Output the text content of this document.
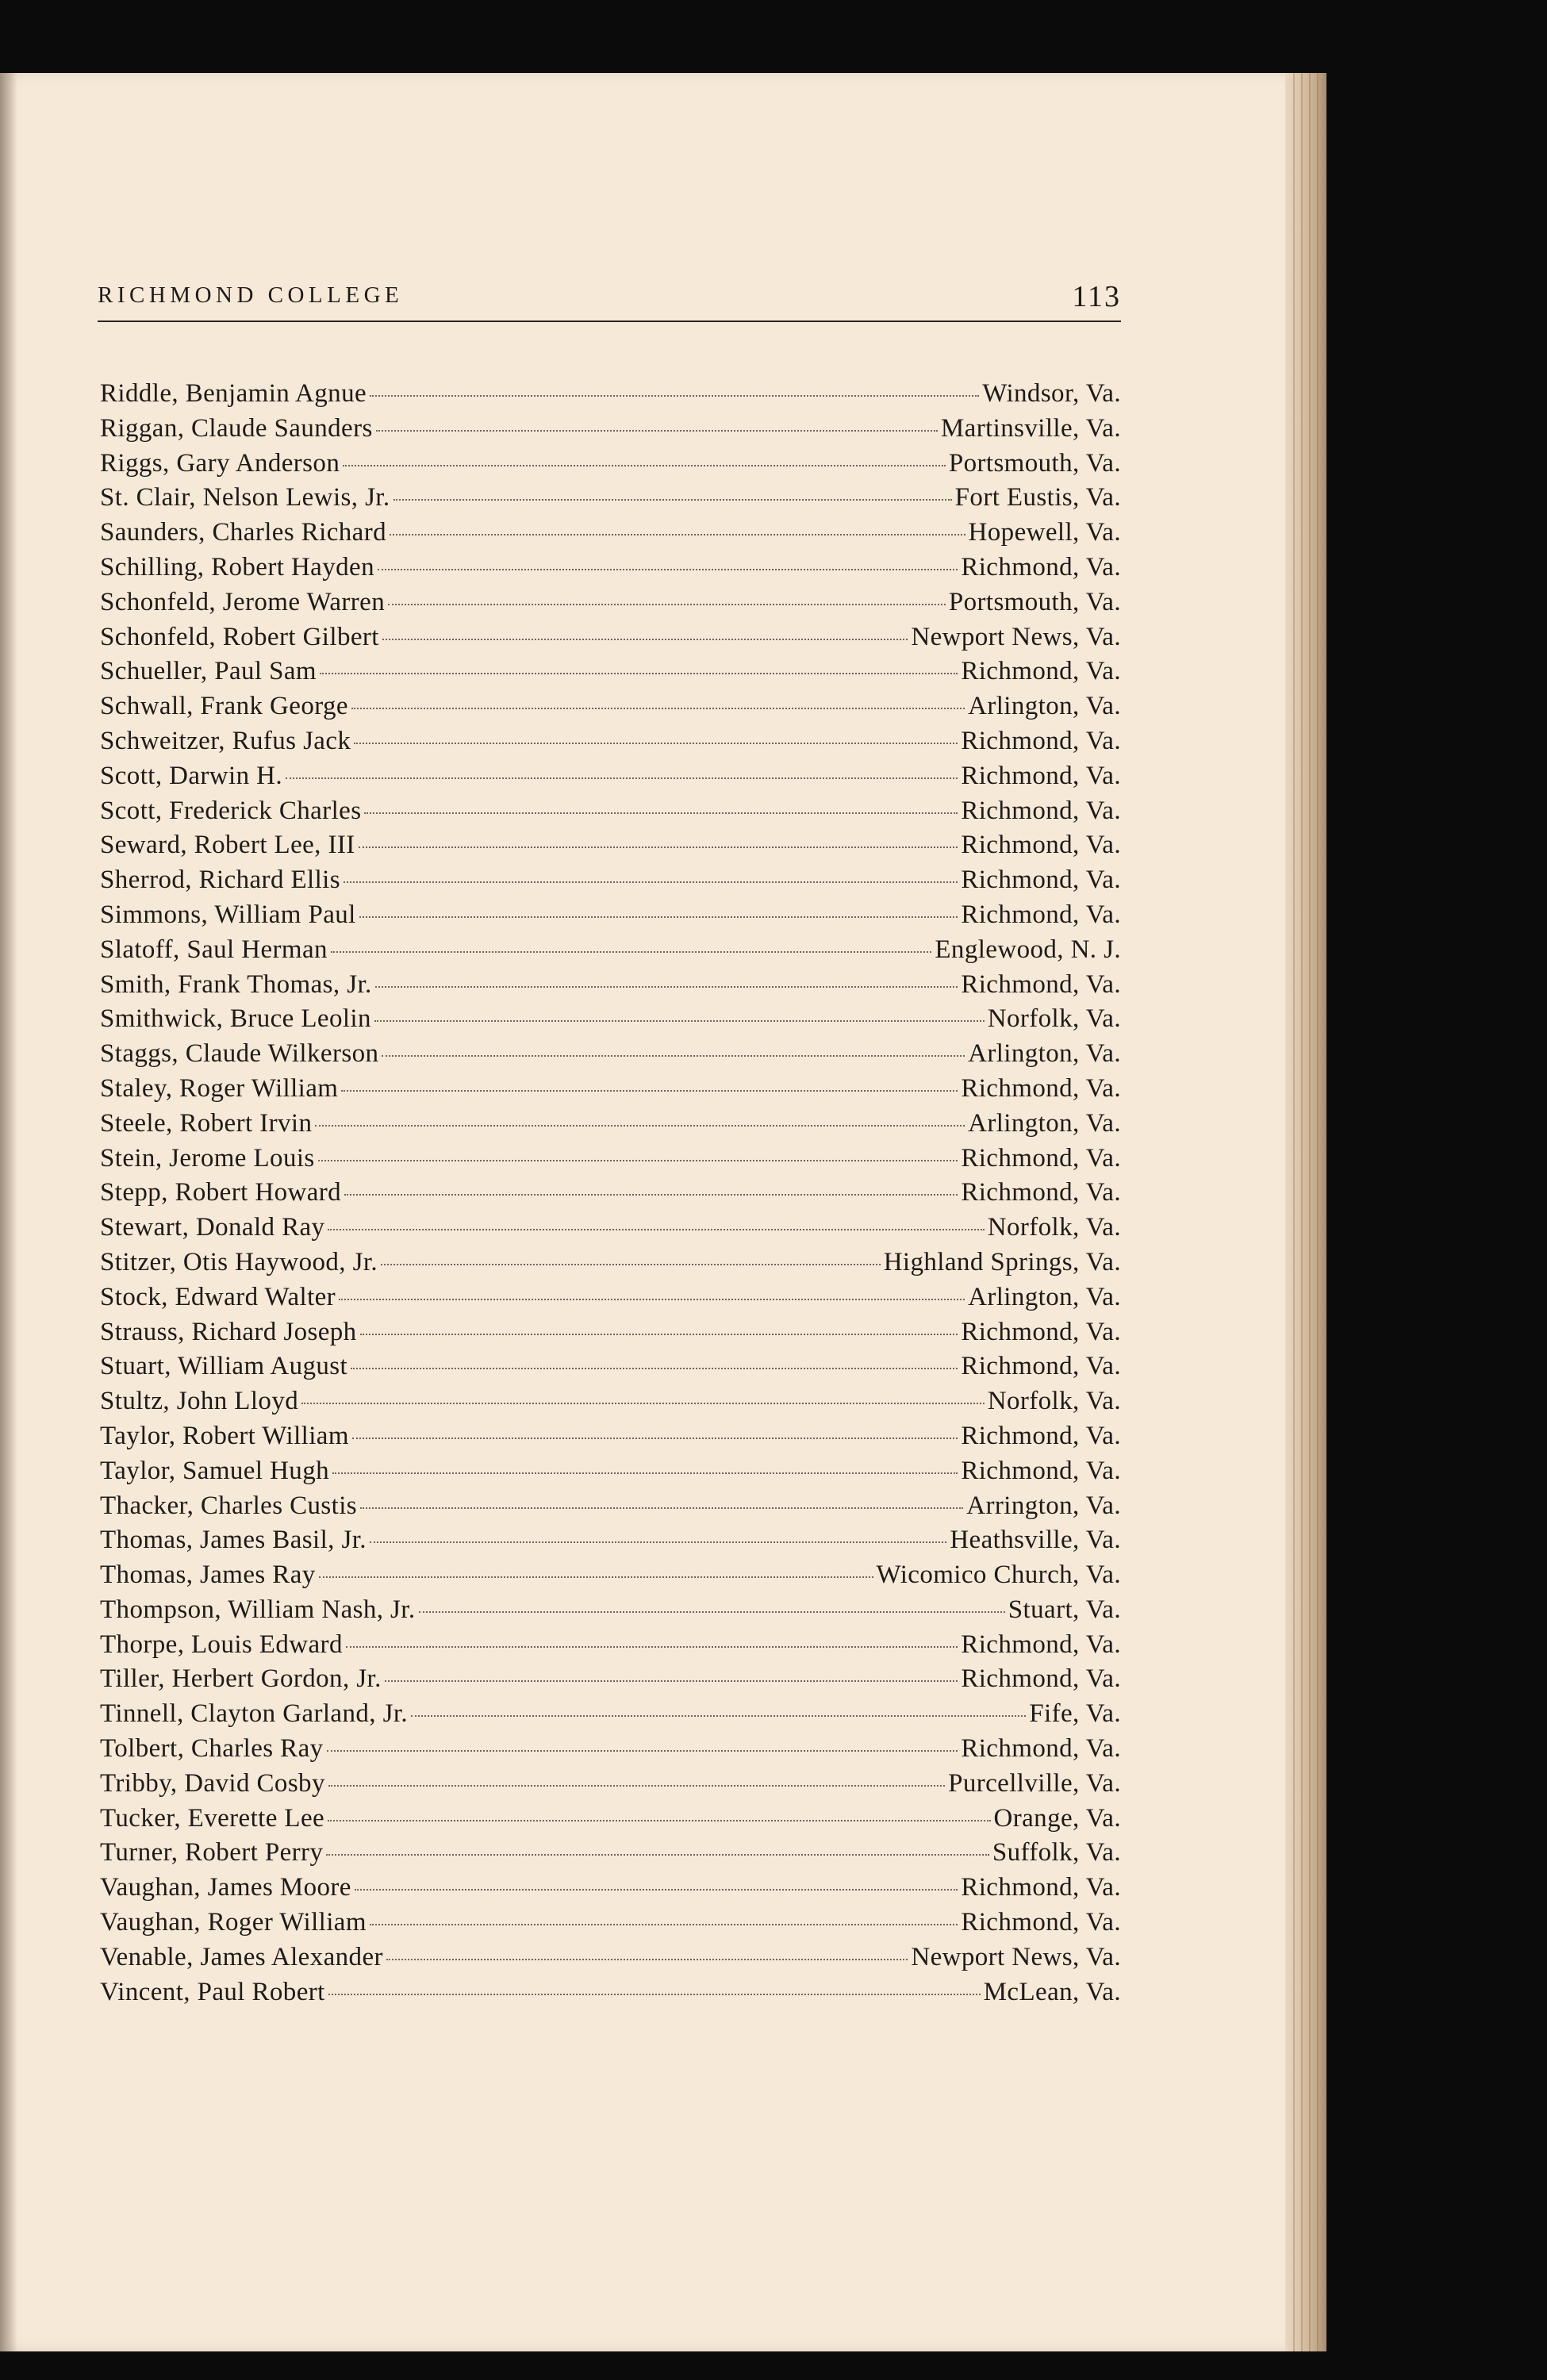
RICHMOND COLLEGE	113
Riddle, Benjamin Agnue	Windsor, Va.
Riggan, Claude Saunders	Martinsville, Va.
Riggs, Gary Anderson	Portsmouth, Va.
St. Clair, Nelson Lewis, Jr.	Fort Eustis, Va.
Saunders, Charles Richard	Hopewell, Va.
Schilling, Robert Hayden	Richmond, Va.
Schonfeld, Jerome Warren	Portsmouth, Va.
Schonfeld, Robert Gilbert	Newport News, Va.
Schueller, Paul Sam	Richmond, Va.
Schwall, Frank George	Arlington, Va.
Schweitzer, Rufus Jack	Richmond, Va.
Scott, Darwin H.	Richmond, Va.
Scott, Frederick Charles	Richmond, Va.
Seward, Robert Lee, III	Richmond, Va.
Sherrod, Richard Ellis	Richmond, Va.
Simmons, William Paul	Richmond, Va.
Slatoff, Saul Herman	Englewood, N. J.
Smith, Frank Thomas, Jr.	Richmond, Va.
Smithwick, Bruce Leolin	Norfolk, Va.
Staggs, Claude Wilkerson	Arlington, Va.
Staley, Roger William	Richmond, Va.
Steele, Robert Irvin	Arlington, Va.
Stein, Jerome Louis	Richmond, Va.
Stepp, Robert Howard	Richmond, Va.
Stewart, Donald Ray	Norfolk, Va.
Stitzer, Otis Haywood, Jr.	Highland Springs, Va.
Stock, Edward Walter	Arlington, Va.
Strauss, Richard Joseph	Richmond, Va.
Stuart, William August	Richmond, Va.
Stultz, John Lloyd	Norfolk, Va.
Taylor, Robert William	Richmond, Va.
Taylor, Samuel Hugh	Richmond, Va.
Thacker, Charles Custis	Arrington, Va.
Thomas, James Basil, Jr.	Heathsville, Va.
Thomas, James Ray	Wicomico Church, Va.
Thompson, William Nash, Jr.	Stuart, Va.
Thorpe, Louis Edward	Richmond, Va.
Tiller, Herbert Gordon, Jr.	Richmond, Va.
Tinnell, Clayton Garland, Jr.	Fife, Va.
Tolbert, Charles Ray	Richmond, Va.
Tribby, David Cosby	Purcellville, Va.
Tucker, Everette Lee	Orange, Va.
Turner, Robert Perry	Suffolk, Va.
Vaughan, James Moore	Richmond, Va.
Vaughan, Roger William	Richmond, Va.
Venable, James Alexander	Newport News, Va.
Vincent, Paul Robert	McLean, Va.
